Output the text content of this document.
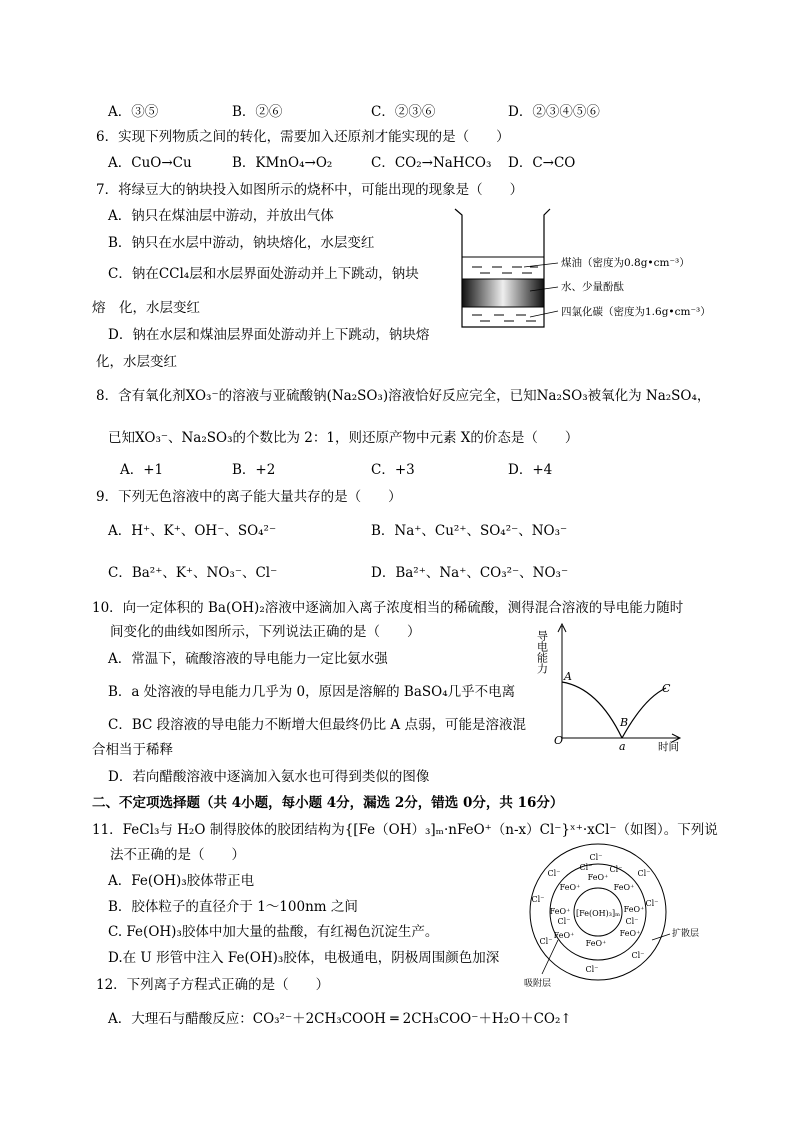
A．③⑤	B．②⑥	C．②③⑥	D．②③④⑤⑥
6．实现下列物质之间的转化，需要加入还原剂才能实现的是（　　）
A．CuO→Cu	B．KMnO₄→O₂	C．CO₂→NaHCO₃ D．C→CO
7．将绿豆大的钠块投入如图所示的烧杯中，可能出现的现象是（　　）
A．钠只在煤油层中游动，并放出气体
B．钠只在水层中游动，钠块熔化，水层变红
C．钠在CCl₄层和水层界面处游动并上下跳动，钠块
熔　化，水层变红
D．钠在水层和煤油层界面处游动并上下跳动，钠块熔
化，水层变红
煤油（密度为0.8g•cm⁻³）
水、少量酚酞
四氯化碳（密度为1.6g•cm⁻³）
8．含有氧化剂XO₃⁻的溶液与亚硫酸钠(Na₂SO₃)溶液恰好反应完全，已知Na₂SO₃被氧化为 Na₂SO₄，
已知XO₃⁻、Na₂SO₃的个数比为 2：1，则还原产物中元素 X的价态是（　　）
A．+1	B．+2	C．+3	D．+4
9．下列无色溶液中的离子能大量共存的是（　　）
A．H⁺、K⁺、OH⁻、SO₄²⁻	B．Na⁺、Cu²⁺、SO₄²⁻、NO₃⁻
C．Ba²⁺、K⁺、NO₃⁻、Cl⁻	D．Ba²⁺、Na⁺、CO₃²⁻、NO₃⁻
10．向一定体积的 Ba(OH)₂溶液中逐滴加入离子浓度相当的稀硫酸，测得混合溶液的导电能力随时
间变化的曲线如图所示，下列说法正确的是（　　）
A．常温下，硫酸溶液的导电能力一定比氨水强
B．a 处溶液的导电能力几乎为 0，原因是溶解的 BaSO₄几乎不电离
C．BC 段溶液的导电能力不断增大但最终仍比 A 点弱，可能是溶液混
合相当于稀释
D．若向醋酸溶液中逐滴加入氨水也可得到类似的图像
导电能力
A
B
C
O	a	时间
二、不定项选择题（共 4小题，每小题 4分，漏选 2分，错选 0分，共 16分）
11．FeCl₃与 H₂O 制得胶体的胶团结构为{[Fe（OH）₃]ₘ·nFeO⁺（n-x）Cl⁻}ˣ⁺·xCl⁻（如图）。下列说
法不正确的是（　　）
A．Fe(OH)₃胶体带正电
B．胶体粒子的直径介于 1～100nm 之间
C. Fe(OH)₃胶体中加大量的盐酸，有红褐色沉淀生产。
D.在 U 形管中注入 Fe(OH)₃胶体，电极通电，阴极周围颜色加深
[Fe(OH)₃]ₘ
FeO⁺
FeO⁺	FeO⁺
FeO⁺	FeO⁺
FeO⁺	FeO⁺
FeO⁺
Cl⁻ Cl⁻
Cl⁻	Cl⁻
Cl⁻
Cl⁻	Cl⁻
Cl⁻	Cl⁻
Cl⁻
Cl⁻
Cl⁻
扩散层
吸附层
12．下列离子方程式正确的是（　　）
A．大理石与醋酸反应：CO₃²⁻＋2CH₃COOH ═ 2CH₃COO⁻＋H₂O＋CO₂↑
